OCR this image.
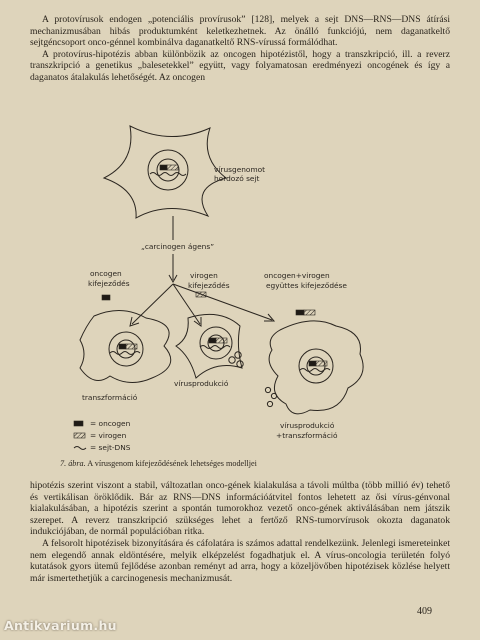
A protovírusok endogen „potenciális provírusok” [128], melyek a sejt DNS—RNS—DNS átírási mechanizmusában hibás produktumként keletkezhetnek. Az önálló funkciójú, nem daganatkeltő sejtgéncsoport onco-génnel kombinálva daganatkeltő RNS-vírussá formálódhat.

A protovírus-hipotézis abban különbözik az oncogen hipotézistől, hogy a transzkripció, ill. a reverz transzkripció a genetikus „balesetekkel” együtt, vagy folyamatosan eredményezi oncogének és így a daganatos átalakulás lehetőségét. Az oncogen

vírusgenomot
hordozó sejt
„carcinogen ágens”
oncogen
kifejeződés
virogen
kifejeződés
oncogen+virogen
együttes kifejeződése
transzformáció
vírusprodukció
vírusprodukció
+transzformáció
= oncogen
= virogen
= sejt-DNS
7. ábra. A vírusgenom kifejeződésének lehetséges modelljei

hipotézis szerint viszont a stabil, változatlan onco-gének kialakulása a távoli múltba (több millió év) tehető és vertikálisan öröklődik. Bár az RNS—DNS információátvitel fontos lehetett az ősi vírus-génvonal kialakulásában, a hipotézis szerint a spontán tumorokhoz vezető onco-gének aktiválásában nem játszik szerepet. A reverz transzkripció szükséges lehet a fertőző RNS-tumorvírusok okozta daganatok indukciójában, de normál populációban ritka.

A felsorolt hipotézisek bizonyítására és cáfolatára is számos adattal rendelkezünk. Jelenlegi ismereteinket nem elegendő annak eldöntésére, melyik elképzelést fogadhatjuk el. A vírus-oncologia területén folyó kutatások gyors ütemű fejlődése azonban reményt ad arra, hogy a közeljövőben hipotézisek közlése helyett már ismertethetjük a carcinogenesis mechanizmusát.

409
Antikvarium.hu
